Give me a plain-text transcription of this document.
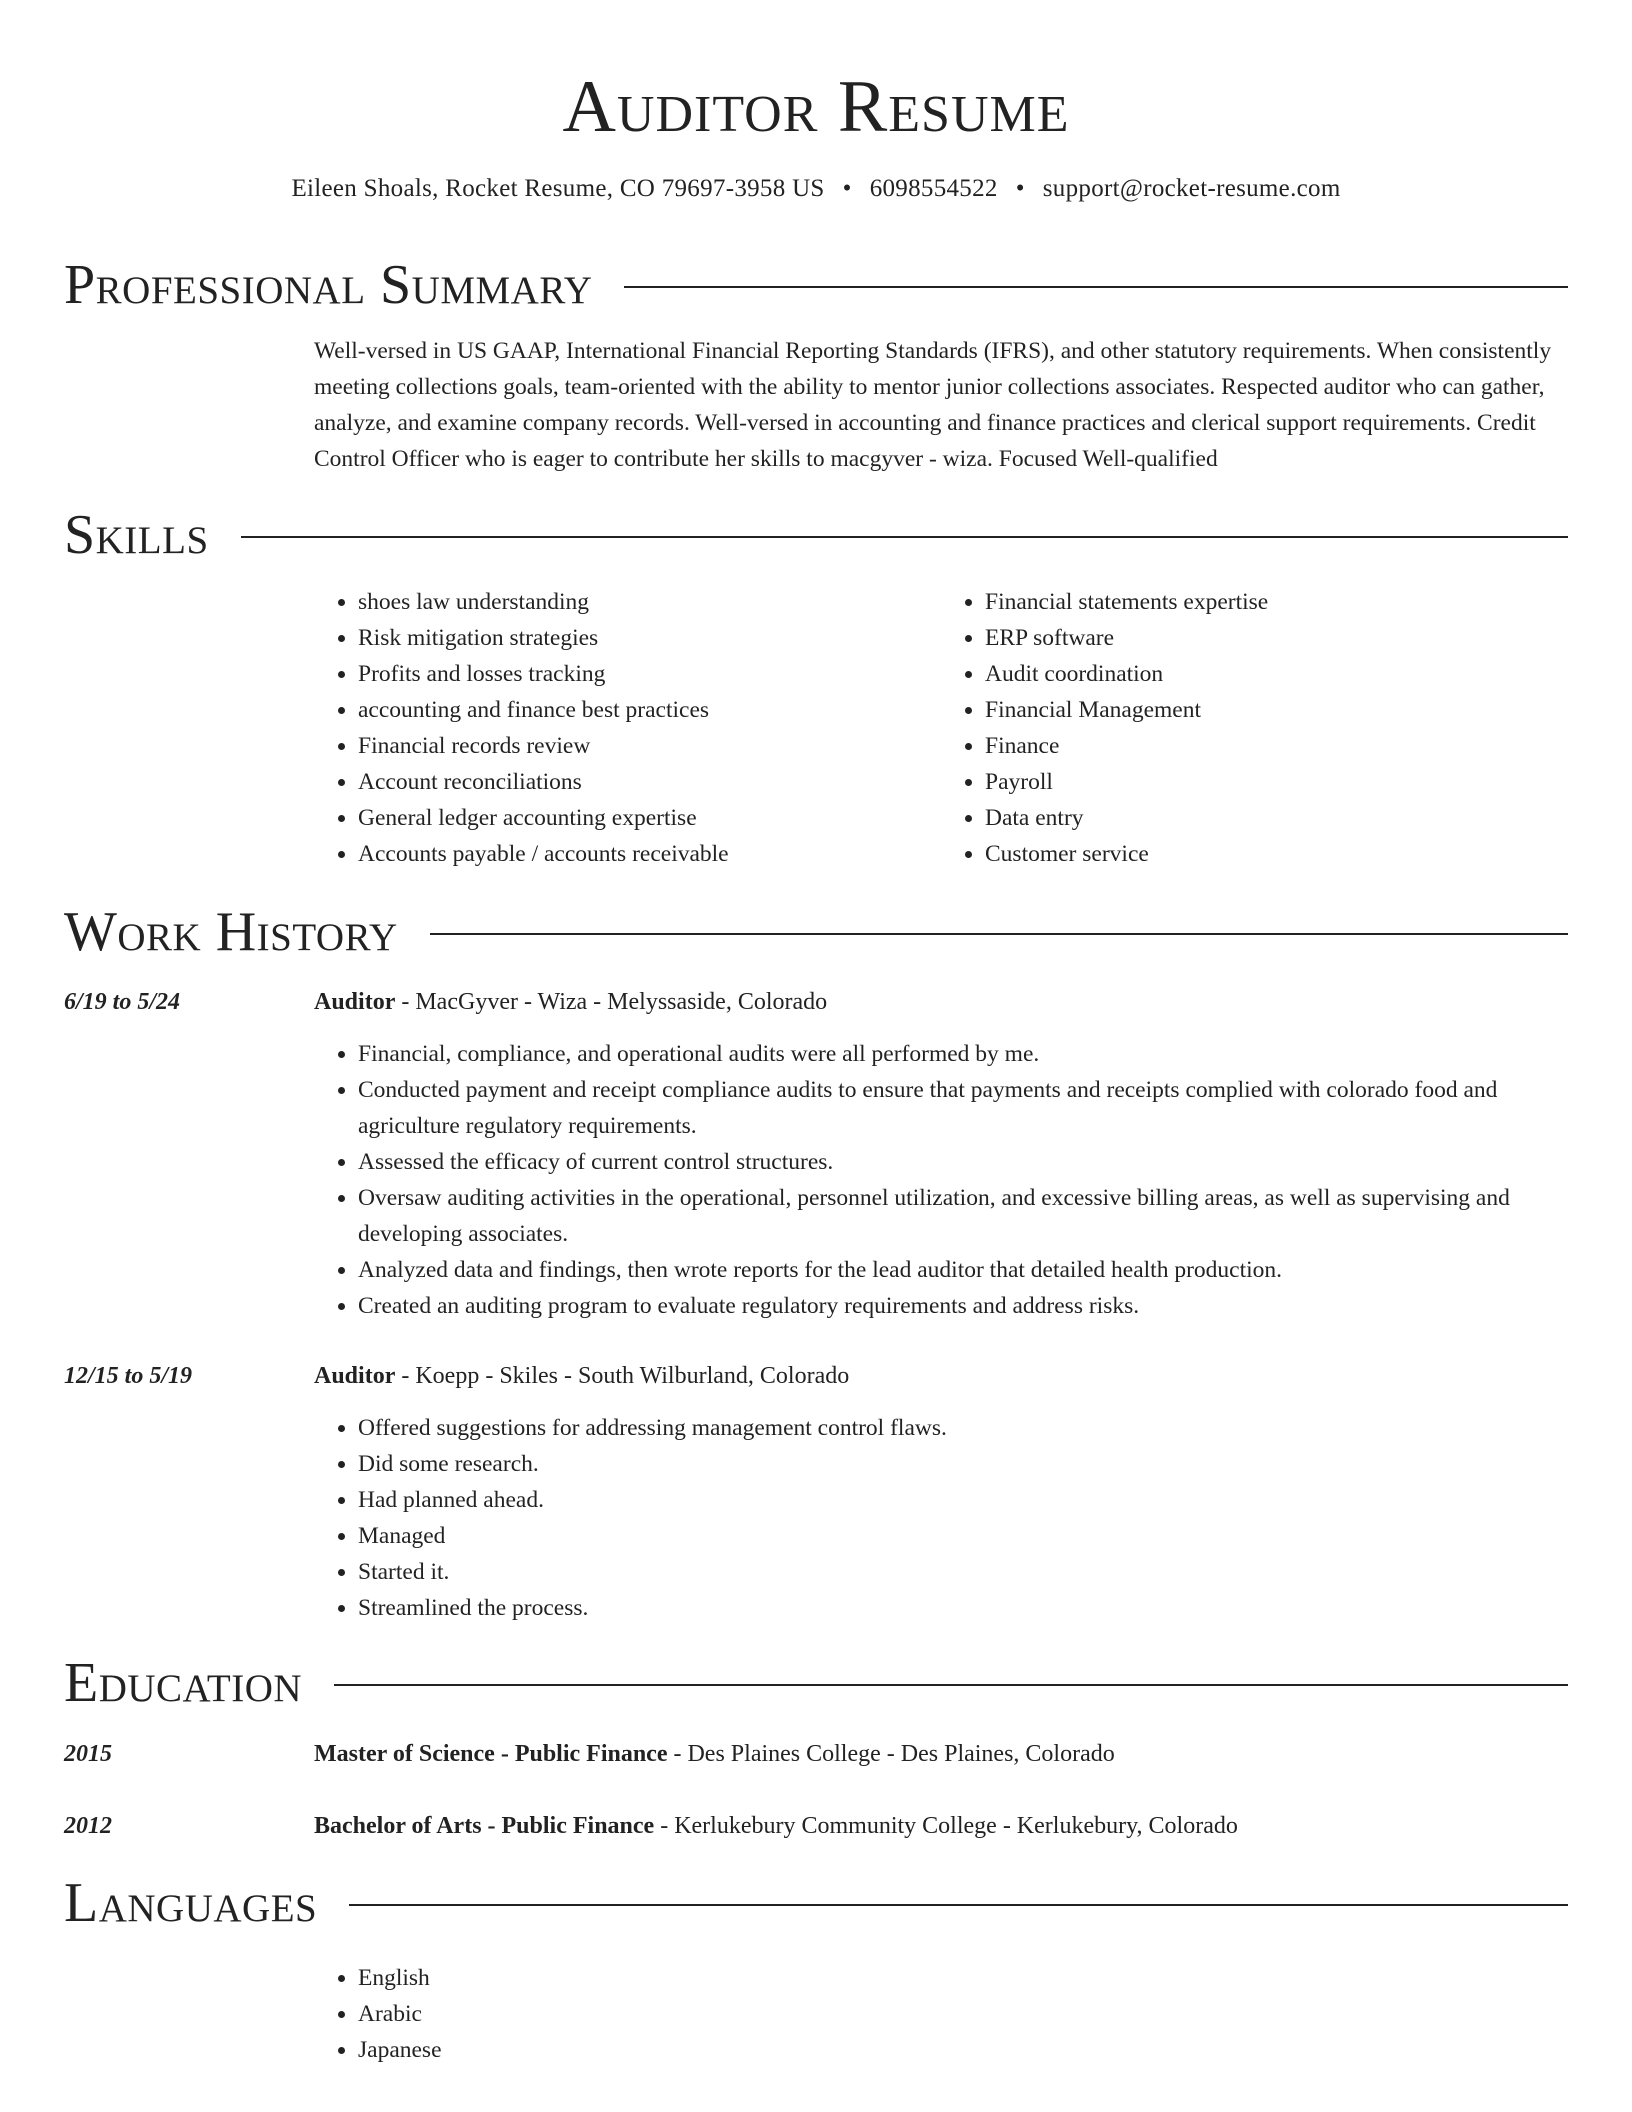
Auditor Resume
Eileen Shoals, Rocket Resume, CO 79697-3958 US • 6098554522 • support@rocket-resume.com
Professional Summary

Well-versed in US GAAP, International Financial Reporting Standards (IFRS), and other statutory requirements. When consistently meeting collections goals, team-oriented with the ability to mentor junior collections associates. Respected auditor who can gather, analyze, and examine company records. Well-versed in accounting and finance practices and clerical support requirements. Credit Control Officer who is eager to contribute her skills to macgyver - wiza. Focused Well-qualified

Skills
• shoes law understanding
• Risk mitigation strategies
• Profits and losses tracking
• accounting and finance best practices
• Financial records review
• Account reconciliations
• General ledger accounting expertise
• Accounts payable / accounts receivable
• Financial statements expertise
• ERP software
• Audit coordination
• Financial Management
• Finance
• Payroll
• Data entry
• Customer service
Work History
6/19 to 5/24	Auditor - MacGyver - Wiza - Melyssaside, Colorado
• Financial, compliance, and operational audits were all performed by me.
• Conducted payment and receipt compliance audits to ensure that payments and receipts complied with colorado food and agriculture regulatory requirements.
• Assessed the efficacy of current control structures.
• Oversaw auditing activities in the operational, personnel utilization, and excessive billing areas, as well as supervising and developing associates.
• Analyzed data and findings, then wrote reports for the lead auditor that detailed health production.
• Created an auditing program to evaluate regulatory requirements and address risks.
12/15 to 5/19	Auditor - Koepp - Skiles - South Wilburland, Colorado
• Offered suggestions for addressing management control flaws.
• Did some research.
• Had planned ahead.
• Managed
• Started it.
• Streamlined the process.
Education
2015	Master of Science - Public Finance - Des Plaines College - Des Plaines, Colorado
2012	Bachelor of Arts - Public Finance - Kerlukebury Community College - Kerlukebury, Colorado
Languages
• English
• Arabic
• Japanese
